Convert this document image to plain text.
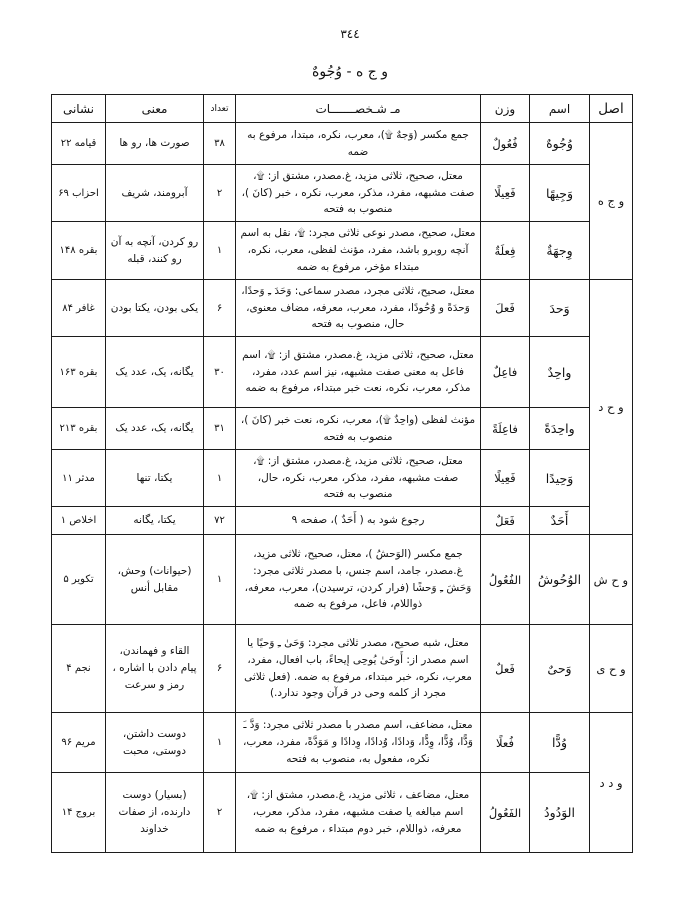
٣٤٤
و ج ه - وُجُوهٌ
اصل	اسم	وزن	مـ شـخصـــــــات	تعداد	معنی	نشانی
و ج ه	وُجُوهٌ	فُعُولٌ	جمع مکسر (وَجهٌ ۩)، معرب، نکره، مبتدا، مرفوع به ضمه	۳۸	صورت ها، رو ها	قیامه ۲۲
	وَجِيهًا	فَعِيلًا	معتل، صحیح، ثلاثی مزید، غ.مصدر، مشتق از: ۩، صفت مشبهه، مفرد، مذکر، معرب، نکره ، خبر (کانَ )، منصوب به فتحه	۲	آبرومند، شریف	احزاب ۶۹
	وِجهَةٌ	فِعلَةٌ	معتل، صحیح، مصدر نوعی ثلاثی مجرد: ۩، نقل به اسم آنچه روبرو باشد، مفرد، مؤنث لفظی، معرب، نکره، مبتداء مؤخر، مرفوع به ضمه	۱	رو کردن، آنچه به آن رو کنند، قبله	بقره ۱۴۸
و ح د	وَحدَ	فَعلَ	معتل، صحیح، ثلاثی مجرد، مصدر سماعی: وَحَدَ ـِ وَحدًا، وَحدَةً و وُحُودًا، مفرد، معرب، معرفه، مضاف معنوی، حال، منصوب به فتحه	۶	یکی بودن، یکتا بودن	غافر ۸۴
	واحِدٌ	فاعِلٌ	معتل، صحیح، ثلاثی مزید، غ.مصدر، مشتق از: ۩، اسم فاعل به معنی صفت مشبهه، نیز اسم عدد، مفرد، مذکر، معرب، نکره، نعت خبر مبتداء، مرفوع به ضمه	۳۰	یگانه، یک، عدد یک	بقره ۱۶۳
	واحِدَةً	فاعِلَةً	مؤنث لفظی (واحِدٌ ۩)، معرب، نکره، نعت خبر (کانَ )، منصوب به فتحه	۳۱	یگانه، یک، عدد یک	بقره ۲۱۳
	وَحِيدًا	فَعِيلًا	معتل، صحیح، ثلاثی مزید، غ.مصدر، مشتق از: ۩، صفت مشبهه، مفرد، مذکر، معرب، نکره، حال، منصوب به فتحه	۱	یکتا، تنها	مدثر ۱۱
	أَحَدٌ	فَعَلٌ	رجوع شود به ( أَحَدٌ )، صفحه ۹	۷۲	یکتا، یگانه	اخلاص ۱
و ح ش	الوُحُوشُ	الفُعُولُ	جمع مکسر (الوَحشُ )، معتل، صحیح، ثلاثی مزید، غ.مصدر، جامد، اسم جنس، با مصدر ثلاثی مجرد: وَحَشَ ـِ وَحشًا (فرار کردن، ترسیدن)، معرب، معرفه، ذواللام، فاعل، مرفوع به ضمه	۱	(حیوانات) وحش، مقابل أنس	تکویر ۵
و ح ی	وَحیٌ	فَعلٌ	معتل، شبه صحیح، مصدر ثلاثی مجرد: وَحَیٰ ـِ وَحیًا یا اسم مصدر از: أَوحَیٰ یُوحِی إیحاءً، باب افعال، مفرد، معرب، نکره، خبر مبتداء، مرفوع به ضمه. (فعل ثلاثی مجرد از کلمه وحی در قرآن وجود ندارد.)	۶	القاء و فهماندن، پیام دادن با اشاره ، رمز و سرعت	نجم ۴
و د د	وُدًّا	فُعلًا	معتل، مضاعف، اسم مصدر با مصدر ثلاثی مجرد: وَدَّ ـَ وَدًّا، وُدًّا، وِدًّا، وَدادًا، وُدادًا، وِدادًا و مَوَدَّةً، مفرد، معرب، نکره، مفعول به، منصوب به فتحه	۱	دوست داشتن، دوستی، محبت	مریم ۹۶
	الوَدُودُ	الفَعُولُ	معتل، مضاعف ، ثلاثی مزید، غ.مصدر، مشتق از: ۩، اسم مبالغه یا صفت مشبهه، مفرد، مذکر، معرب، معرفه، ذواللام، خبر دوم مبتداء ، مرفوع به ضمه	۲	(بسیار) دوست دارنده، از صفات خداوند	بروج ۱۴
